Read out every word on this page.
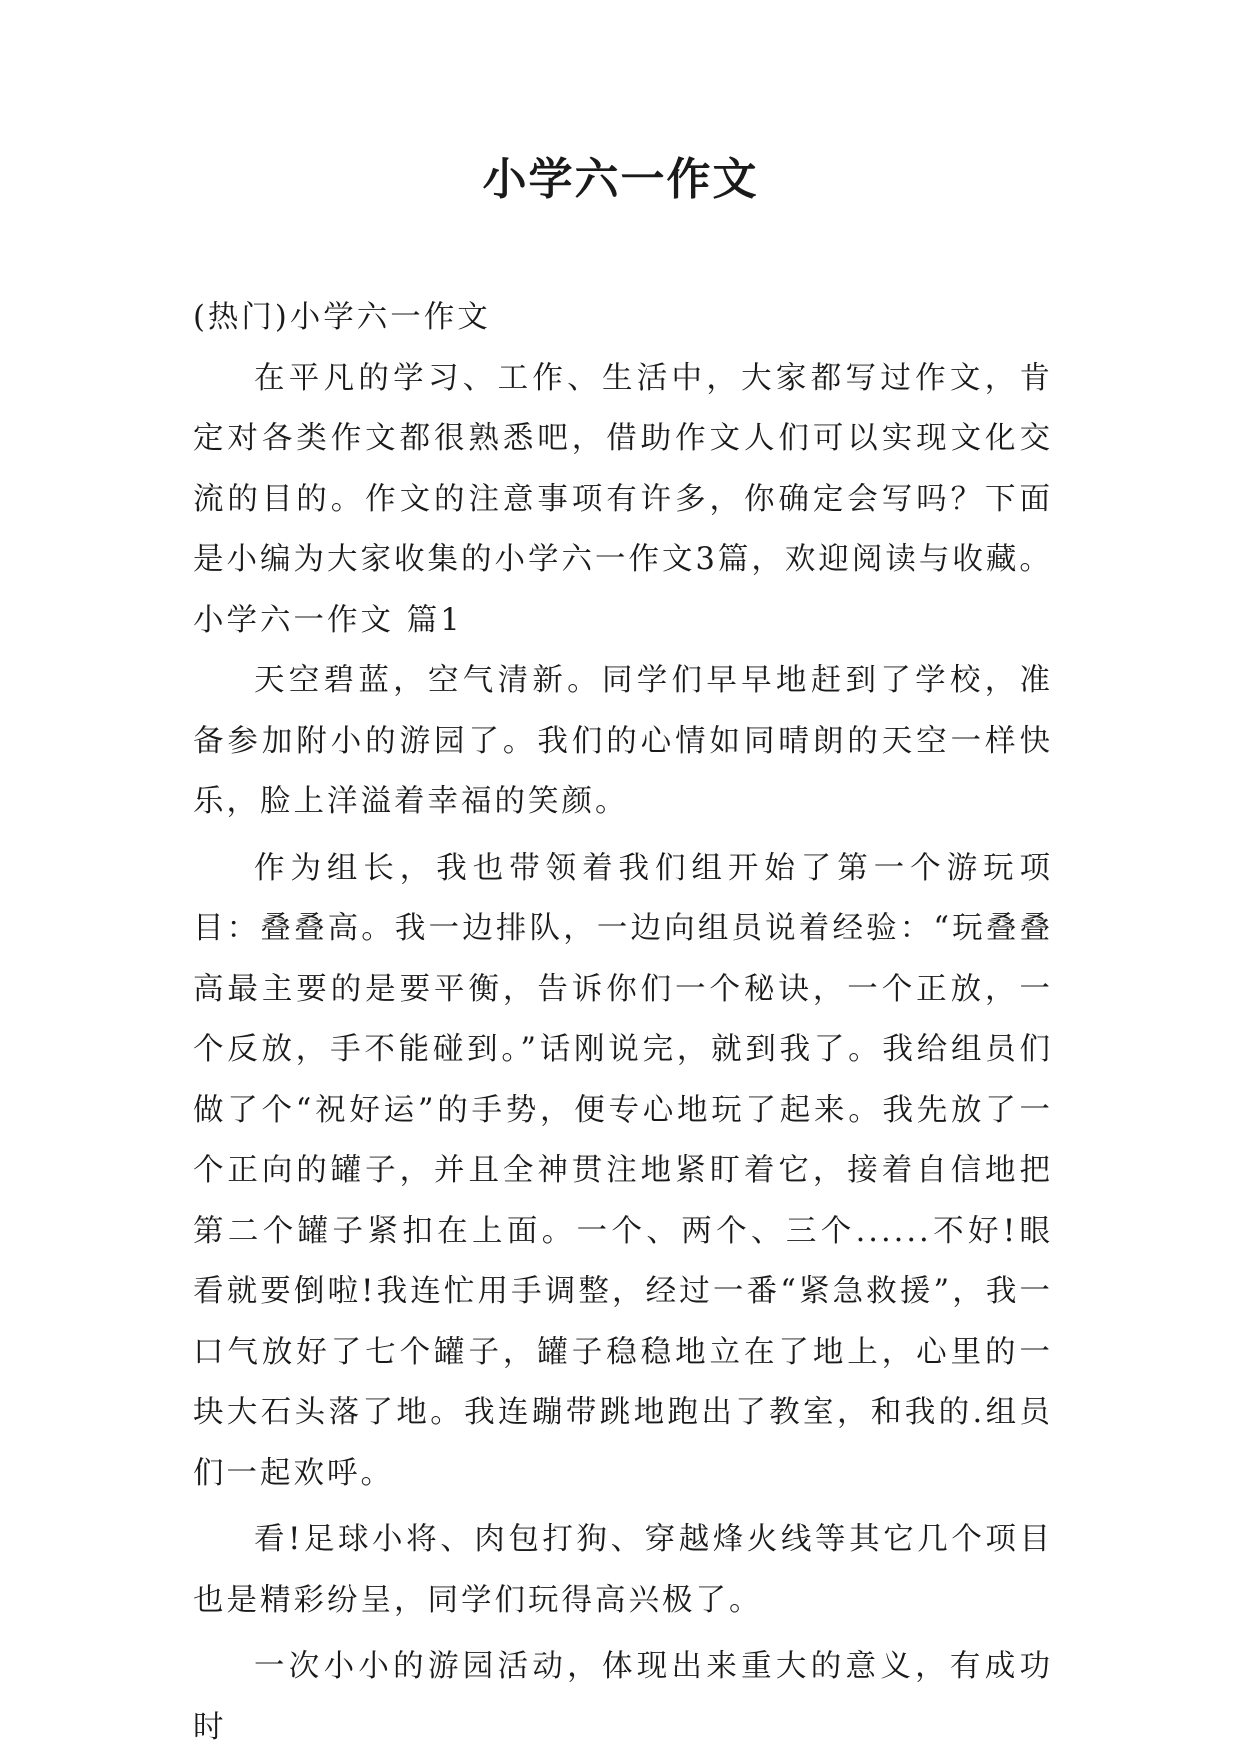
小学六一作文

(热门)小学六一作文

在平凡的学习、工作、生活中，大家都写过作文，肯定对各类作文都很熟悉吧，借助作文人们可以实现文化交流的目的。作文的注意事项有许多，你确定会写吗？下面是小编为大家收集的小学六一作文3篇，欢迎阅读与收藏。

小学六一作文 篇1

天空碧蓝，空气清新。同学们早早地赶到了学校，准备参加附小的游园了。我们的心情如同晴朗的天空一样快乐，脸上洋溢着幸福的笑颜。

作为组长，我也带领着我们组开始了第一个游玩项目：叠叠高。我一边排队，一边向组员说着经验：“玩叠叠高最主要的是要平衡，告诉你们一个秘诀，一个正放，一个反放，手不能碰到。”话刚说完，就到我了。我给组员们做了个“祝好运”的手势，便专心地玩了起来。我先放了一个正向的罐子，并且全神贯注地紧盯着它，接着自信地把第二个罐子紧扣在上面。一个、两个、三个......不好!眼看就要倒啦!我连忙用手调整，经过一番“紧急救援”，我一口气放好了七个罐子，罐子稳稳地立在了地上，心里的一块大石头落了地。我连蹦带跳地跑出了教室，和我的.组员们一起欢呼。

看!足球小将、肉包打狗、穿越烽火线等其它几个项目也是精彩纷呈，同学们玩得高兴极了。

一次小小的游园活动，体现出来重大的意义，有成功时
